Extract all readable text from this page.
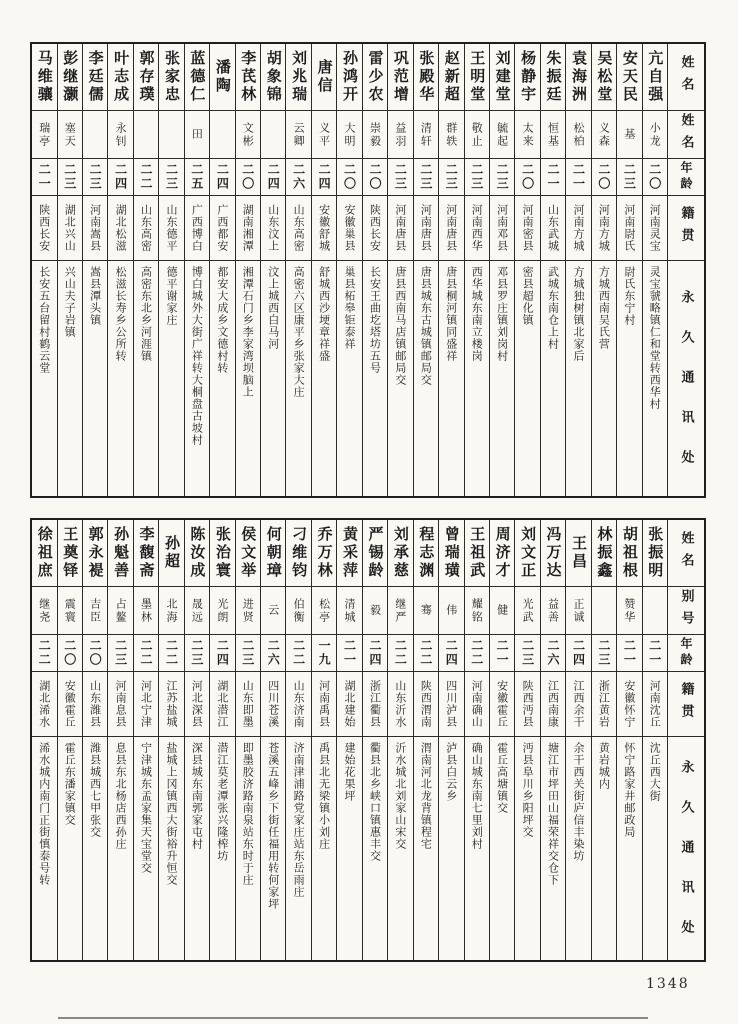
姓名
姓名
年龄
籍贯
永久通讯处
亢自强
小龙
二〇
河南灵宝
灵宝虢略镇仁和堂转西华村
安天民
基
二三
河南尉氏
尉氏东宁村
吴松堂
义森
二〇
河南方城
方城西南吴氏营
袁海洲
松柏
二一
河南方城
方城独树镇北家后
朱振廷
恒基
二一
山东武城
武城东南仓上村
杨静宇
太来
二〇
河南密县
密县超化镇
刘建堂
毓起
二三
河南邓县
邓县罗庄镇刘岗村
王明堂
敬止
二三
河南西华
西华城东南立楼岗
赵新超
群轶
二三
河南唐县
唐县桐河镇同盛祥
张殿华
清轩
二三
河南唐县
唐县城东古城镇邮局交
巩范增
益羽
二三
河南唐县
唐县西南马店镇邮局交
雷少农
崇毅
二〇
陕西长安
长安王曲圪塔坊五号
孙鸿开
大明
二〇
安徽巢县
巢县柘皋钜泰祥
唐信
义平
二四
安徽舒城
舒城西沙埂章祥盛
刘兆瑞
云卿
二六
山东高密
高密六区康平乡张家大庄
胡象锦
二四
山东汶上
汶上城西白马河
李芪林
文彬
二〇
湖南湘潭
湘潭石门乡李家湾坝脑上
潘陶
二四
广西都安
都安大成乡文德村转
蓝德仁
田
二五
广西博白
博白城外大街广祥转大桐盘古坡村
张家忠
二三
山东德平
德平谢家庄
郭存璞
二二
山东高密
高密东北乡河涯镇
叶志成
永钊
二四
湖北松滋
松滋长寿乡公所转
李廷儒
二三
河南嵩县
嵩县潭头镇
彭继灏
塞天
二三
湖北兴山
兴山夫子岩镇
马维骧
瑞亭
二一
陕西长安
长安五台留村鹤云堂
姓名
别号
年龄
籍贯
永久通讯处
张振明
二一
河南沈丘
沈丘西大街
胡祖根
赞华
二一
安徽怀宁
怀宁路家井邮政局
林振鑫
二三
浙江黄岩
黄岩城内
王昌
正诚
二四
江西余干
余干西关街庐信丰染坊
冯万达
益善
二六
江西南康
塘江市坪田山福荣祥交仓下
刘文正
光武
二三
陕西沔县
沔县阜川乡阳坪交
周济才
健
二一
安徽霍丘
霍丘高塘镇交
王祖武
耀铭
二二
河南确山
确山城东南七里刘村
曾瑞璜
伟
二四
四川泸县
泸县白云乡
程志渊
骞
二二
陕西渭南
渭南河北龙背镇程宅
刘承慈
继严
二二
山东沂水
沂水城北刘家山宋交
严锡龄
毅
二四
浙江衢县
衢县北乡峡口镇惠丰交
黄采萍
清城
二一
湖北建始
建始花果坪
乔万林
松亭
一九
河南禹县
禹县北无梁镇小刘庄
刁维钧
伯衡
二二
山东济南
济南津浦路党家庄站东岳雨庄
何朝璋
云
二六
四川苍溪
苍溪五峰乡下街任福用转何家坪
侯文举
进贤
二三
山东即墨
即墨胶济路南泉站东时于庄
张治寰
光朗
二四
湖北潜江
潜江莫老潭张兴隆榨坊
陈汝成
晟远
二三
河北深县
深县城东南郭家屯村
孙超
北海
二二
江苏盐城
盐城上冈镇西大街裕升恒交
李馥斋
墨林
二二
河北宁津
宁津城东孟家集天宝堂交
孙魁善
占鳌
二三
河南息县
息县东北杨店西孙庄
郭永褆
吉臣
二〇
山东潍县
潍县城西七甲张交
王奠铎
震寰
二〇
安徽霍丘
霍丘东潘家镇交
徐祖庶
继尧
二二
湖北浠水
浠水城内南门正街慎泰号转
1348
